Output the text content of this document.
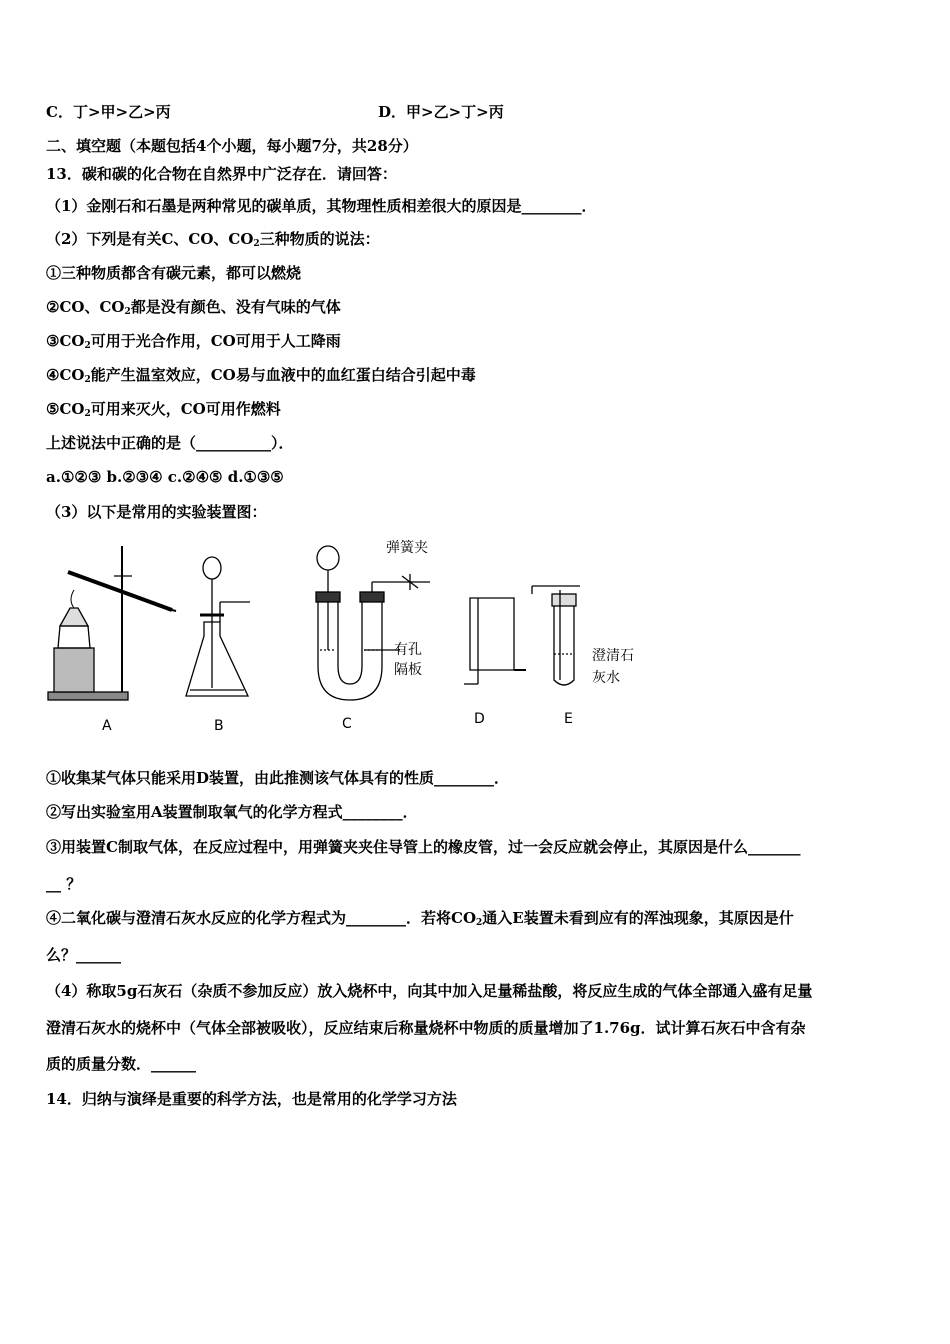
C．丁>甲>乙>丙	D．甲>乙>丁>丙
二、填空题（本题包括4个小题，每小题7分，共28分）
13．碳和碳的化合物在自然界中广泛存在．请回答：
（1）金刚石和石墨是两种常见的碳单质，其物理性质相差很大的原因是________．
（2）下列是有关C、CO、$CO_2$三种物质的说法：
①三种物质都含有碳元素，都可以燃烧
②CO、$CO_2$都是没有颜色、没有气味的气体
$③CO_2$可用于光合作用，CO可用于人工降雨
$④CO_2$能产生温室效应，CO易与血液中的血红蛋白结合引起中毒
$⑤CO_2$可用来灭火，CO可用作燃料
上述说法中正确的是（__________）．
a.①②③ b.②③④ c.②④⑤ d.①③⑤
（3）以下是常用的实验装置图：
弹簧夹
有孔
隔板
澄清石
灰水
A	B	C	D	E
①收集某气体只能采用D装置，由此推测该气体具有的性质________．
②写出实验室用A装置制取氧气的化学方程式________．
③用装置C制取气体，在反应过程中，用弹簧夹夹住导管上的橡皮管，过一会反应就会停止，其原因是什么_______
__ ？
④二氧化碳与澄清石灰水反应的化学方程式为________．若将$CO_2$通入E装置未看到应有的浑浊现象，其原因是什
么？______
（4）称取5g石灰石（杂质不参加反应）放入烧杯中，向其中加入足量稀盐酸，将反应生成的气体全部通入盛有足量
澄清石灰水的烧杯中（气体全部被吸收），反应结束后称量烧杯中物质的质量增加了1.76g．试计算石灰石中含有杂
质的质量分数．______
14．归纳与演绎是重要的科学方法，也是常用的化学学习方法
